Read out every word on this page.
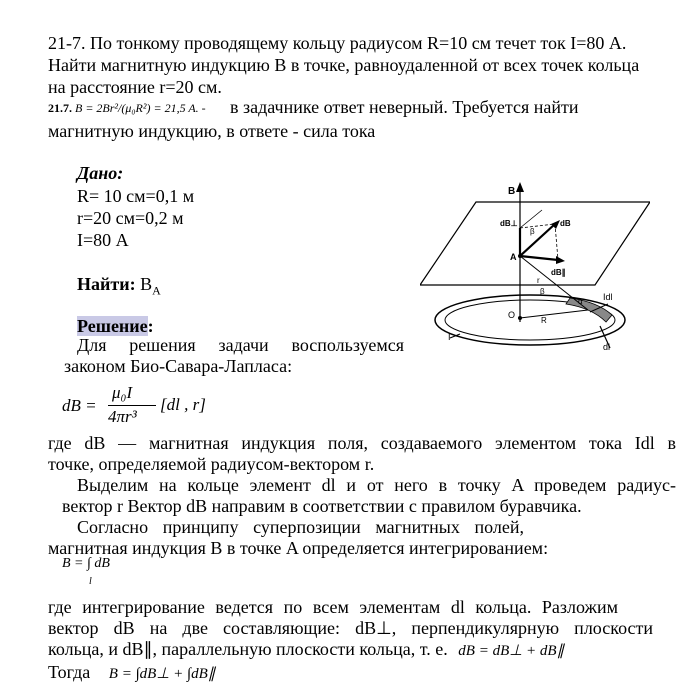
21-7. По тонкому проводящему кольцу радиусом R=10 см течет ток I=80 А.
Найти магнитную индукцию B в точке, равноудаленной от всех точек кольца
на расстояние r=20 см.
21.7. B = 2Br²/(μ₀R²) = 21,5 A. - в задачнике ответ неверный. Требуется найти
магнитную индукцию, в ответе - сила тока
Дано:
R= 10 см=0,1 м
r=20 см=0,2 м
I=80 А
Найти: $B_A$
B
dB⊥
β
dB
A
dB∥
r
β
α Idl
O
R
I
dl
Решение:
Для решения задачи воспользуемся
законом Био-Савара-Лапласа:
dB =
μ₀I
4πr³
[dl , r]
где dB — магнитная индукция поля, создаваемого элементом тока Idl в
точке, определяемой радиусом-вектором r.
Выделим на кольце элемент dl и от него в точку A проведем радиус-
вектор r Вектор dB направим в соответствии с правилом буравчика.
Согласно принципу суперпозиции магнитных полей,
магнитная индукция B в точке A определяется интегрированием:
B = ∫ dB
l
где интегрирование ведется по всем элементам dl кольца. Разложим
вектор dB на две составляющие: dB⊥, перпендикулярную плоскости
кольца, и dB∥, параллельную плоскости кольца, т. е. dB = dB⊥ + dB∥
Тогда B = ∫dB⊥ + ∫dB∥
